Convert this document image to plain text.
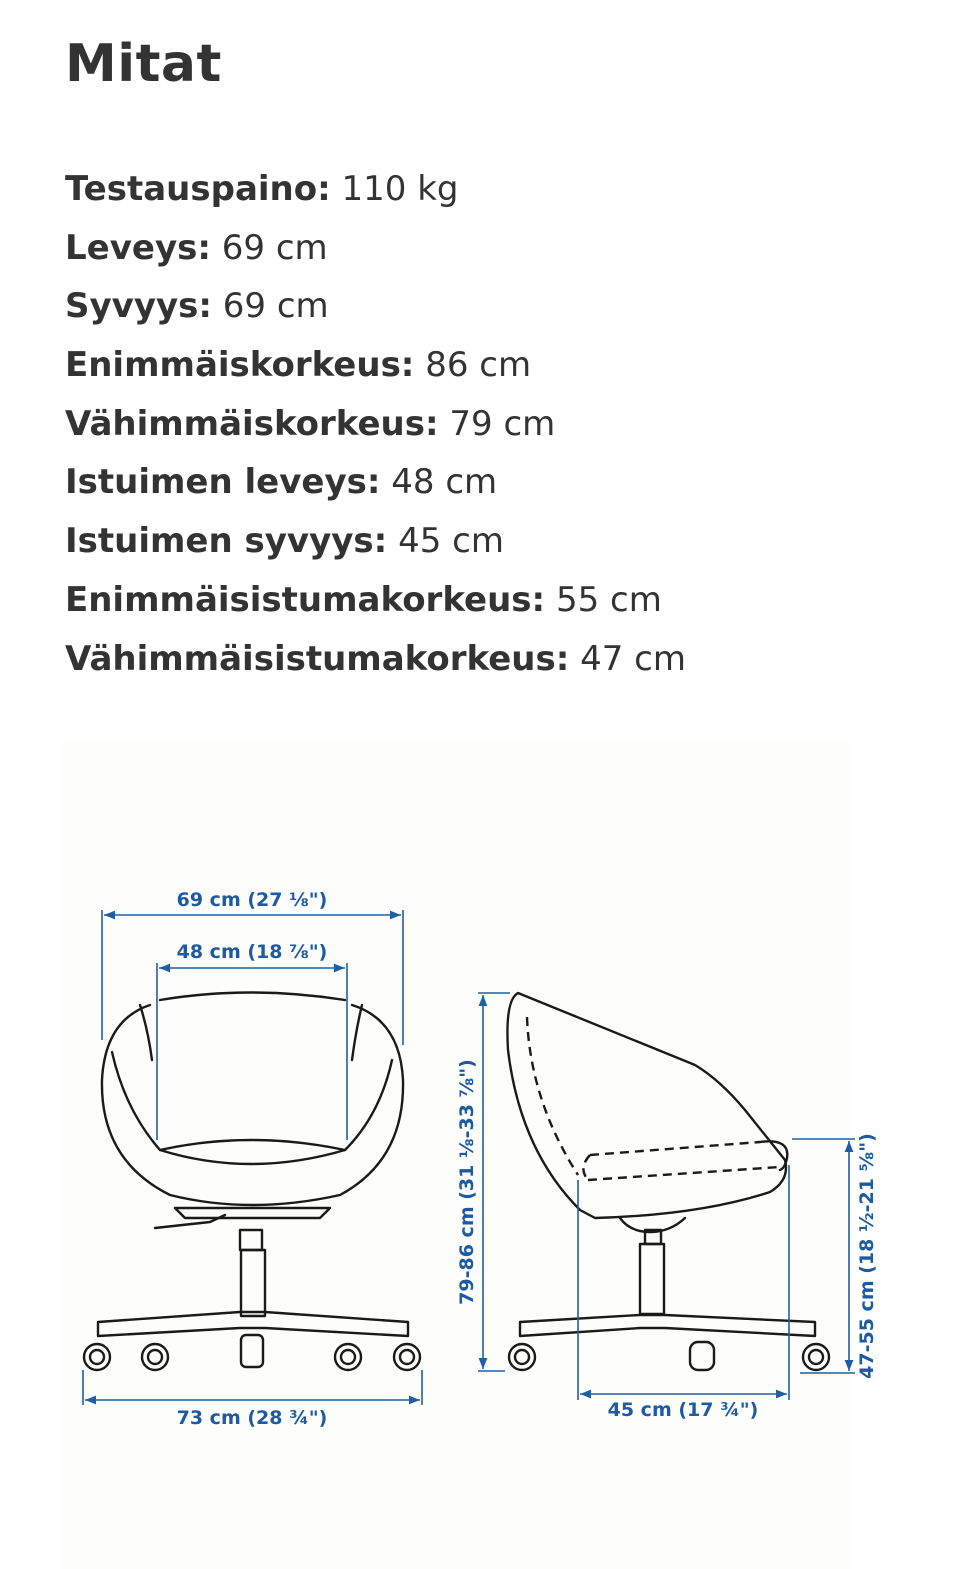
Mitat
Testauspaino: 110 kg
Leveys: 69 cm
Syvyys: 69 cm
Enimmäiskorkeus: 86 cm
Vähimmäiskorkeus: 79 cm
Istuimen leveys: 48 cm
Istuimen syvyys: 45 cm
Enimmäisistumakorkeus: 55 cm
Vähimmäisistumakorkeus: 47 cm
69 cm (27 ⅛")
48 cm (18 ⅞")
73 cm (28 ¾")
79-86 cm (31 ⅛-33 ⅞")	47-55 cm (18 ½-21 ⅝")
45 cm (17 ¾")
